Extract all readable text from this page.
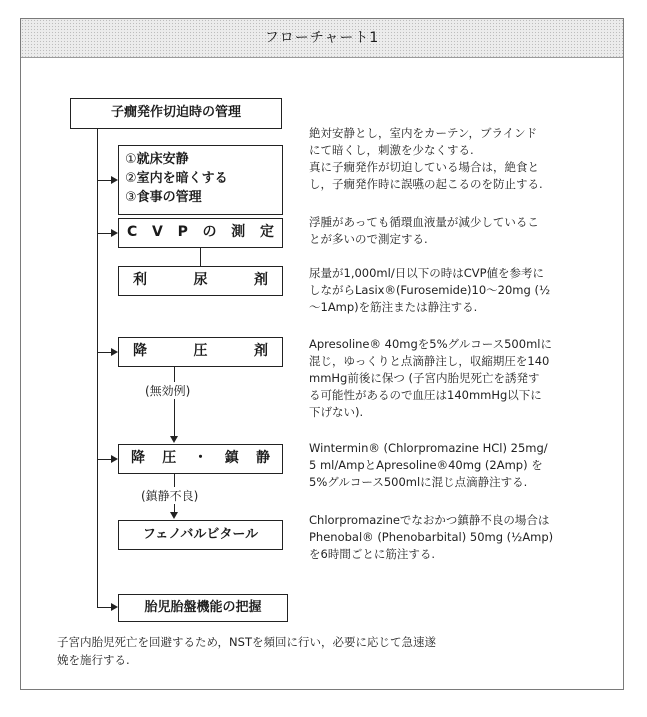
フローチャート1
子癇発作切迫時の管理
①就床安静
②室内を暗くする
③食事の管理
絶対安静とし，室内をカーテン，ブラインド
にて暗くし，刺激を少なくする.
真に子癇発作が切迫している場合は，絶食と
し，子癇発作時に誤嚥の起こるのを防止する.
C V P の 測 定
浮腫があっても循環血液量が減少しているこ
とが多いので測定する.
利	尿	剤	尿量が1,000ml/日以下の時はCVP値を参考に
しながらLasix®(Furosemide)10～20mg (½
～1Amp)を筋注または静注する.
降	圧	剤	Apresoline® 40mgを5%グルコース500mlに
混じ，ゆっくりと点滴静注し，収縮期圧を140
mmHg前後に保つ (子宮内胎児死亡を誘発す
る可能性があるので血圧は140mmHg以下に
下げない).
(無効例)
降 圧 ・ 鎮 静
Wintermin® (Chlorpromazine HCl) 25mg/
5 ml/AmpとApresoline®40mg (2Amp) を
5%グルコース500mlに混じ点滴静注する.
(鎮静不良)
フェノバルビタール
Chlorpromazineでなおかつ鎮静不良の場合は
Phenobal® (Phenobarbital) 50mg (½Amp)
を6時間ごとに筋注する.
胎児胎盤機能の把握
子宮内胎児死亡を回避するため，NSTを頻回に行い，必要に応じて急速遂
娩を施行する.
